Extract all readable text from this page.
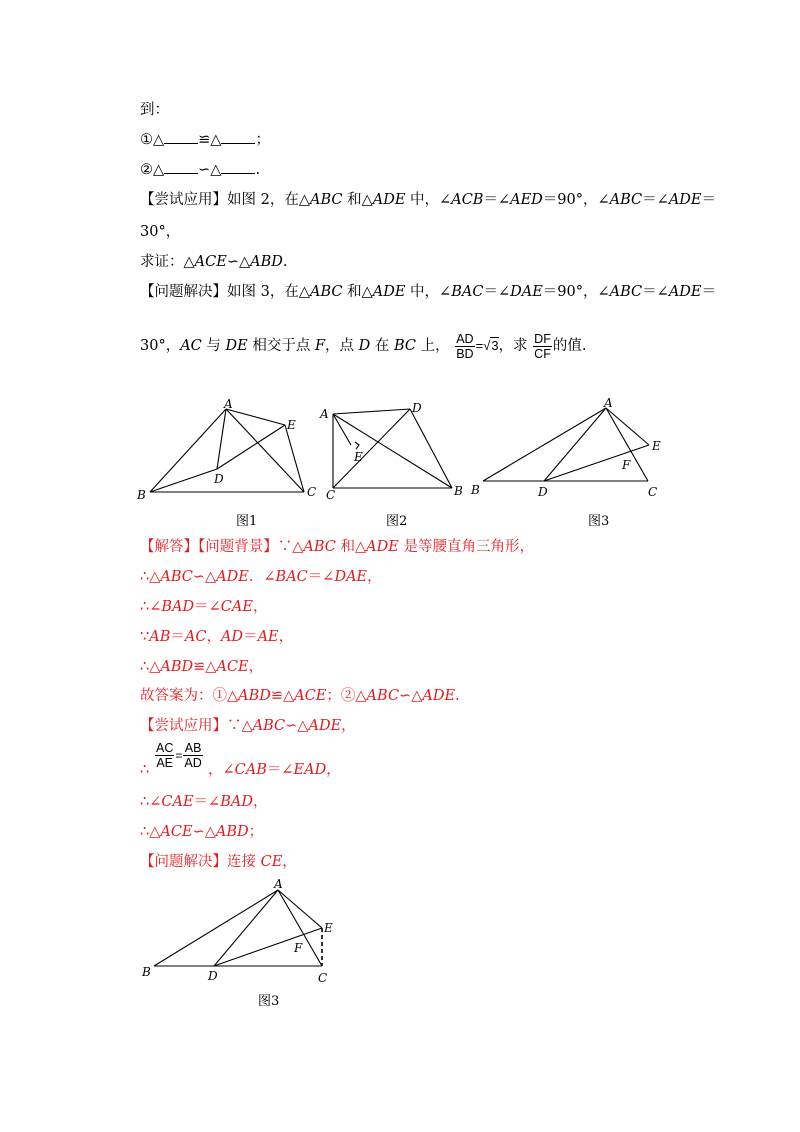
到：
①△ ≌△ ；
②△ ∽△ .
【尝试应用】如图 2，在△ABC 和△ADE 中，∠ACB＝∠AED＝90°，∠ABC＝∠ADE＝
30°，
求证：△ACE∽△ABD.
【问题解决】如图 3，在△ABC 和△ADE 中，∠BAC＝∠DAE＝90°，∠ABC＝∠ADE＝
30°，AC 与 DE 相交于点 F，点 D 在 BC 上， $\frac{AD}{BD} =√3$，求 $\frac{DF}{CF}$ 的值.
A
B	C
D
E
图1
A	D
E
C	B
图2
A
B	D	C
E
F
图3
【解答】【问题背景】∵△ABC 和△ADE 是等腰直角三角形，
∴△ABC∽△ADE．∠BAC＝∠DAE，
∴∠BAD＝∠CAE，
∵AB＝AC，AD＝AE，
∴△ABD≌△ACE，
故答案为：①△ABD≌△ACE；②△ABC∽△ADE.
【尝试应用】∵△ABC∽△ADE，
$\frac{AC}{AE} = \frac{AB}{AD}$
∴	，∠CAB＝∠EAD，
∴∠CAE＝∠BAD，
∴△ACE∽△ABD；
【问题解决】连接 CE，
A
B	D	C
E
F
图3
